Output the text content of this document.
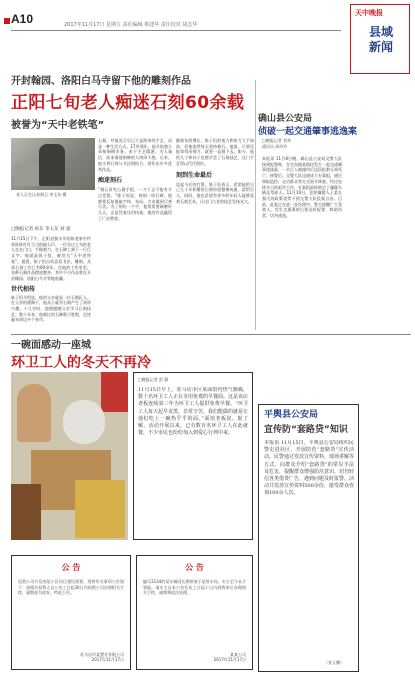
A10	2017年11月17日 星期五 责任编辑 蔡建华 责任校对 胡志华
天中晚报
县域
新闻
开封翰园、洛阳白马寺留下他的雕刻作品
正阳七旬老人痴迷石刻60余载
被誉为“天中老铁笔”
老人正在认真刻石 李玉东 摄
□晚报记者 孙东 李玉东 刘 超
11月15日下午，正阳县慎水乡的陈老家中传来阵阵叮叮当当的敲石声。一位年过七旬的老人坐在门口，手握刻刀，在石碑上刻下一行行文字。他就是陈子恒，被誉为“天中老铁笔”。据悉，陈子恒自幼喜爱书法、雕刻，从事石刻工作已有60余年。在他的工作室里，各种石刻作品摆放整齐，其中不少作品曾在开封翰园、洛阳白马寺等地收藏。
世代相传
陈子恒介绍说，他的父亲就是一位石刻匠人。在父亲的熏陶下，他从小就对石刻产生了浓厚兴趣。十几岁时，他便跟随父亲学习石刻技艺。数十年来，他刻过的石碑数不胜数，足迹遍布周边多个省市。
石刻，对他而言早已不是简单的手艺，而是一种生活方式。17岁那年，他开始独立承接刻碑业务。由于手艺精湛、为人诚信，前来请他刻碑的人络绎不绝。后来，他又将石刻与书法相结合，创作出许多优秀作品。
痴迷刻石
“刻石讲究心静手稳，一刀下去不能有半点差错。”陈子恒说，每刻一块石碑，他都要反复推敲字体、布局，力求做到尽善尽美。为了刻好一个字，他常常要琢磨好几天。正是凭着这份执着，他的作品赢得了广泛赞誉。
随着年龄增长，陈子恒的视力和体力大不如前，但他依然每天坚持刻石。他说，只要还能拿得动刻刀，就要一直刻下去。如今，他的儿子和孙子也都学会了石刻技艺，这门手艺得以代代相传。
刻到生命最后
谈起今后的打算，陈子恒表示，希望能把自己几十年积累的石刻经验整理成册，留给后人。同时，他也希望有更多的年轻人能够喜欢石刻艺术，让这门古老的技艺发扬光大。
确山县公安局
侦破一起交通肇事逃逸案
□晚报记者 刘华
通讯员 周玲玲
本报讯 11月8日晚，确山县公安局交警大队接到报警称，在竹沟镇某路段发生一起交通肇事逃逸案，一名行人被撞伤后送医抢救无效死亡。接警后，交警大队迅速成立专案组，通过调取监控、走访群众等方式展开调查。经过连续多日的艰苦工作，专案组最终锁定了嫌疑车辆及驾驶人。11月10日，犯罪嫌疑人王某在强大的政策攻势下到交警大队投案自首。目前，此案正在进一步处理中。警方提醒广大驾驶人，发生交通事故后要及时报警、救助伤者，切勿逃逸。
一碗面感动一座城
环卫工人的冬天不再冷
□晚报记者 彭 静
11月15日早上，驻马店市区某面馆内热气腾腾，数十名环卫工人正在享用免费的早餐面。这是该店老板连续第三年为环卫工人提供免费早餐。“环卫工人每天起早贪黑，非常辛苦，我们能做的就是让他们吃上一碗热乎乎的面。”面馆老板说。据了解，活动开展以来，已有数百名环卫工人在此就餐，不少市民也纷纷加入到爱心行列中来。
平舆县公安局
宣传防“套路贷”知识
本报讯 11月15日，平舆县公安局组织民警走进社区，开展防范“套路贷”宣传活动。民警通过发放宣传资料、现场讲解等方式，向群众介绍“套路贷”的常见手法及危害，提醒群众增强防范意识，切勿轻信各类借贷广告，遇到问题及时报警。活动共发放宣传资料500余份，接受群众咨询100余人次。
（张玉鹏）
公 告
因我公司开发的某小区项目建设需要，现将有关事项公告如下：请相关权利人自公告之日起30日内到我公司办理相关手续，逾期视为放弃。特此公告。
驻马店市某置业有限公司
2017年11月17日
公 告
编号2134的某车辆因长期停放于某停车场，车主至今未予领取。请车主自本公告发布之日起十日内到我单位办理相关手续，逾期将依法处理。
某某公司
2017年11月17日
